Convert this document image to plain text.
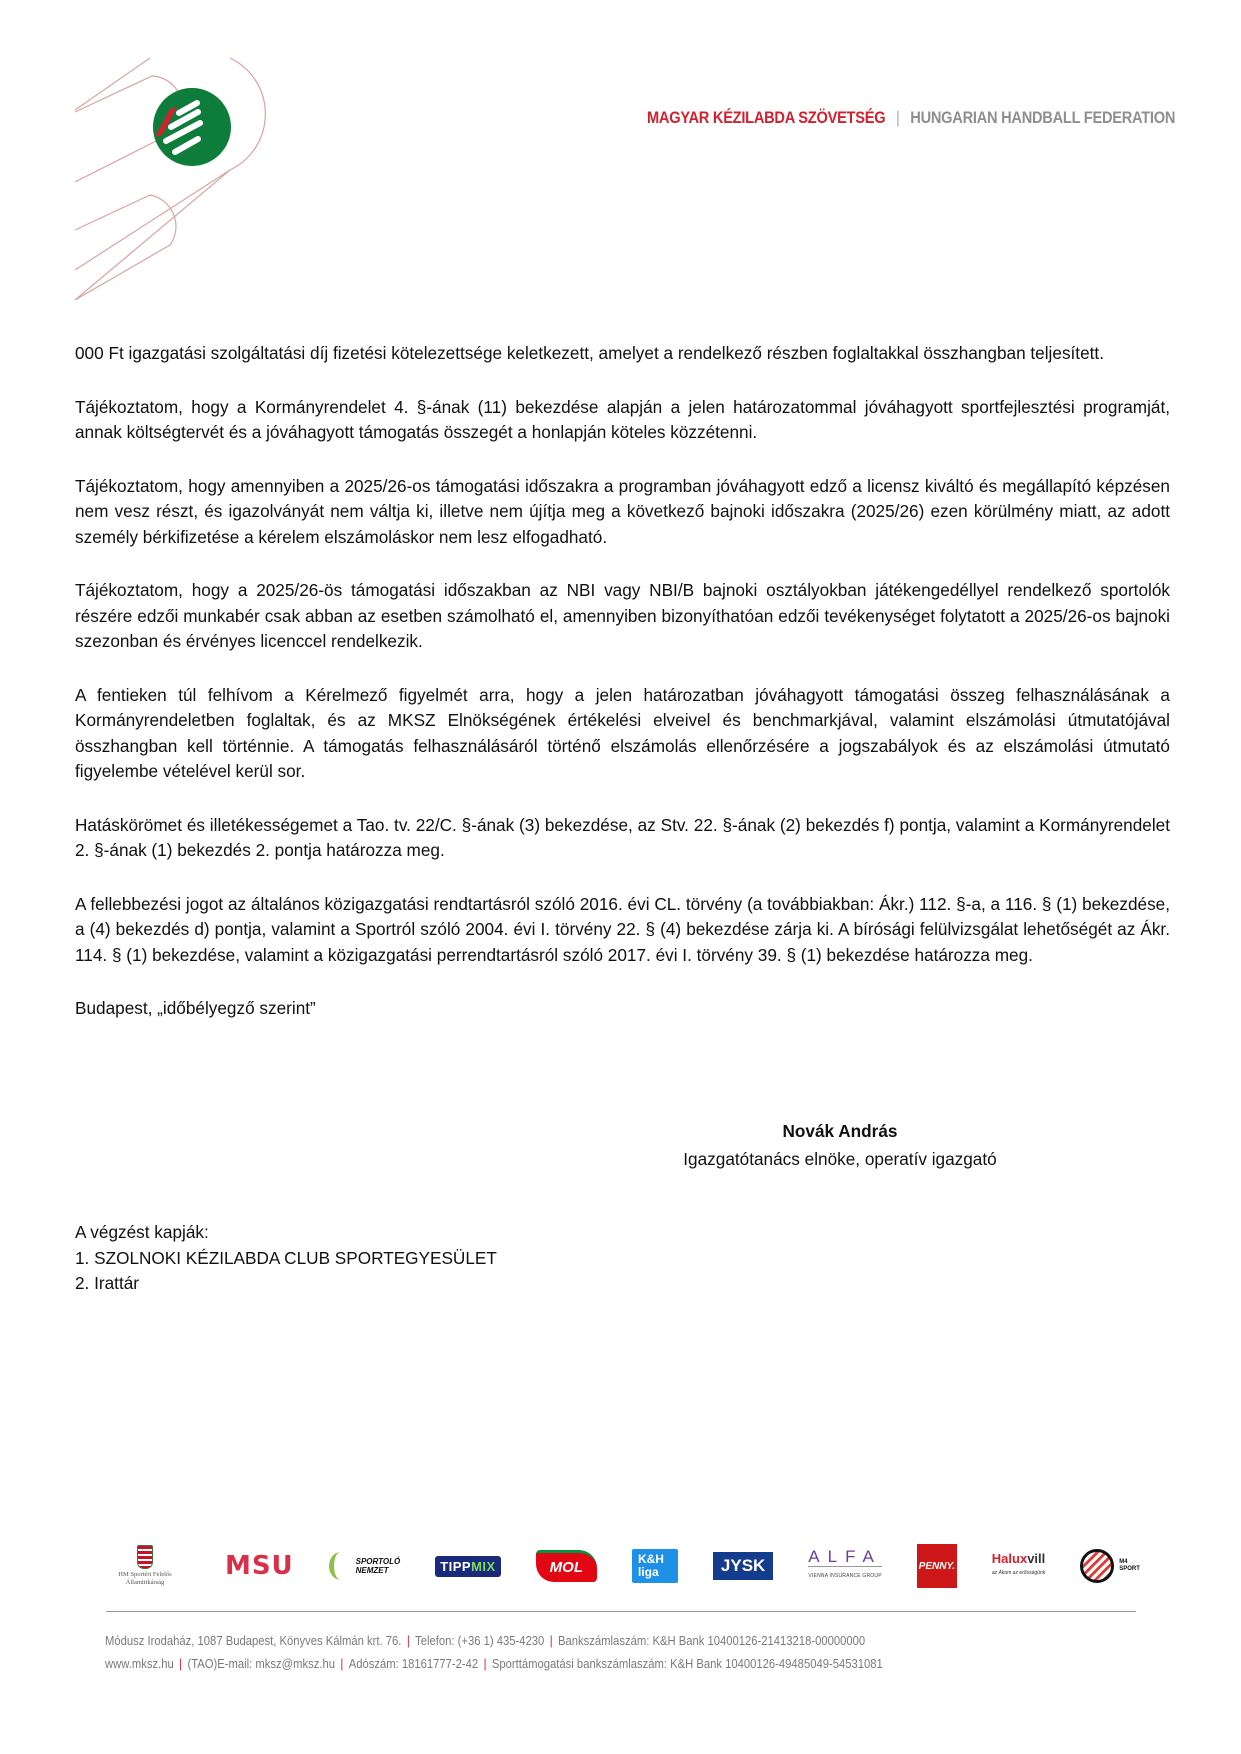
MAGYAR KÉZILABDA SZÖVETSÉG | HUNGARIAN HANDBALL FEDERATION

000 Ft igazgatási szolgáltatási díj fizetési kötelezettsége keletkezett, amelyet a rendelkező részben foglaltakkal összhangban teljesített.

Tájékoztatom, hogy a Kormányrendelet 4. §-ának (11) bekezdése alapján a jelen határozatommal jóváhagyott sportfejlesztési programját, annak költségtervét és a jóváhagyott támogatás összegét a honlapján köteles közzétenni.

Tájékoztatom, hogy amennyiben a 2025/26-os támogatási időszakra a programban jóváhagyott edző a licensz kiváltó és megállapító képzésen nem vesz részt, és igazolványát nem váltja ki, illetve nem újítja meg a következő bajnoki időszakra (2025/26) ezen körülmény miatt, az adott személy bérkifizetése a kérelem elszámoláskor nem lesz elfogadható.

Tájékoztatom, hogy a 2025/26-ös támogatási időszakban az NBI vagy NBI/B bajnoki osztályokban játékengedéllyel rendelkező sportolók részére edzői munkabér csak abban az esetben számolható el, amennyiben bizonyíthatóan edzői tevékenységet folytatott a 2025/26-os bajnoki szezonban és érvényes licenccel rendelkezik.

A fentieken túl felhívom a Kérelmező figyelmét arra, hogy a jelen határozatban jóváhagyott támogatási összeg felhasználásának a Kormányrendeletben foglaltak, és az MKSZ Elnökségének értékelési elveivel és benchmarkjával, valamint elszámolási útmutatójával összhangban kell történnie. A támogatás felhasználásáról történő elszámolás ellenőrzésére a jogszabályok és az elszámolási útmutató figyelembe vételével kerül sor.

Hatáskörömet és illetékességemet a Tao. tv. 22/C. §-ának (3) bekezdése, az Stv. 22. §-ának (2) bekezdés f) pontja, valamint a Kormányrendelet 2. §-ának (1) bekezdés 2. pontja határozza meg.

A fellebbezési jogot az általános közigazgatási rendtartásról szóló 2016. évi CL. törvény (a továbbiakban: Ákr.) 112. §-a, a 116. § (1) bekezdése, a (4) bekezdés d) pontja, valamint a Sportról szóló 2004. évi I. törvény 22. § (4) bekezdése zárja ki. A bírósági felülvizsgálat lehetőségét az Ákr. 114. § (1) bekezdése, valamint a közigazgatási perrendtartásról szóló 2017. évi I. törvény 39. § (1) bekezdése határozza meg.

Budapest, „időbélyegző szerint”

Novák András
Igazgatótanács elnöke, operatív igazgató
A végzést kapják:
1. SZOLNOKI KÉZILABDA CLUB SPORTEGYESÜLET
2. Irattár
HM Sportért Felelős
Államtitkárság
MSU	SPORTOLÓ
NEMZET	TIPPMIX	MOL	K&H
liga	JYSK	ALFA
VIENNA INSURANCE GROUP
PENNY.	Haluxvill
az Ákom az erősségünk
M4
SPORT
Módusz Irodaház, 1087 Budapest, Könyves Kálmán krt. 76. | Telefon: (+36 1) 435-4230 | Bankszámlaszám: K&H Bank 10400126-21413218-00000000
www.mksz.hu | (TAO)E-mail: mksz@mksz.hu | Adószám: 18161777-2-42 | Sporttámogatási bankszámlaszám: K&H Bank 10400126-49485049-54531081
